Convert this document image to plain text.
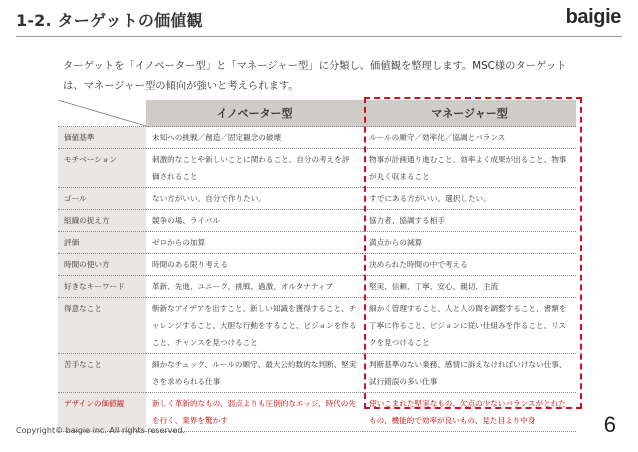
1-2. ターゲットの価値観	baigie
ターゲットを「イノベーター型」と「マネージャー型」に分類し、価値観を整理します。MSC様のターゲットは、マネージャー型の傾向が強いと考えられます。
	イノベーター型	マネージャー型
価値基準	未知への挑戦／創造／固定観念の破壊	ルールの順守／効率化／協調とバランス
モチベーション	刺激的なことや新しいことに関わること、自分の考えを評価されること	物事が計画通り進むこと、効率よく成果が出ること、物事が丸く収まること
ゴール	ない方がいい。自分で作りたい。	すでにある方がいい。選択したい。
組織の捉え方	競争の場、ライバル	協力者、協調する相手
評価	ゼロからの加算	満点からの減算
時間の使い方	時間のある限り考える	決められた時間の中で考える
好きなキーワード	革新、先進、ユニーク、挑戦、過激、オルタナティブ	堅実、信頼、丁寧、安心、親切、主流
得意なこと	斬新なアイデアを出すこと、新しい知識を獲得すること、チャレンジすること、大胆な行動をすること、ビジョンを作ること、チャンスを見つけること	細かく管理すること、人と人の間を調整すること、書類を丁寧に作ること、ビジョンに従い仕組みを作ること、リスクを見つけること
苦手なこと	細かなチェック、ルールの順守、最大公約数的な判断、堅実さを求められる仕事	判断基準のない業務、感情に訴えなければいけない仕事、試行錯誤の多い仕事
デザインの価値観	新しく革新的なもの、弱点よりも圧倒的なエッジ、時代の先を行く、業界を驚かす	使いこまれた堅実なもの、欠点の少ないバランスがとれたもの、機能的で効率が良いもの、見た目より中身
Copyright© baigie inc. All rights reserved.	6
